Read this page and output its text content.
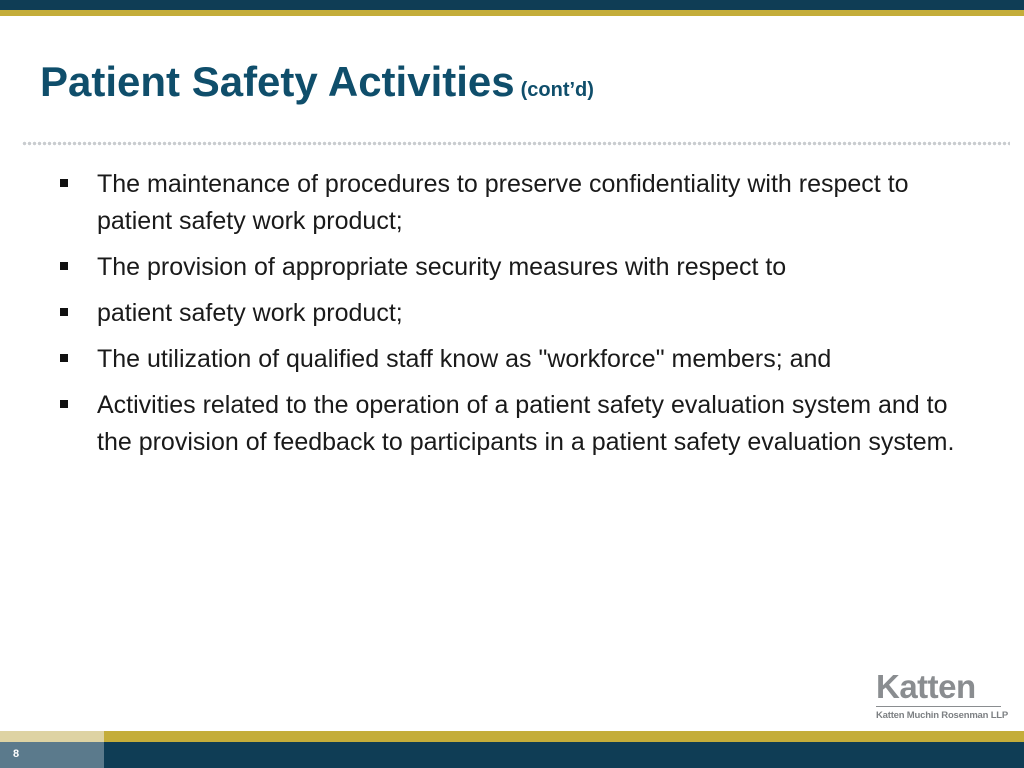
Patient Safety Activities (cont’d)
The maintenance of procedures to preserve confidentiality with respect to patient safety work product;
The provision of appropriate security measures with respect to
patient safety work product;
The utilization of qualified staff know as "workforce" members; and
Activities related to the operation of a patient safety evaluation system and to the provision of feedback to participants in a patient safety evaluation system.
Katten
Katten Muchin Rosenman LLP
8
